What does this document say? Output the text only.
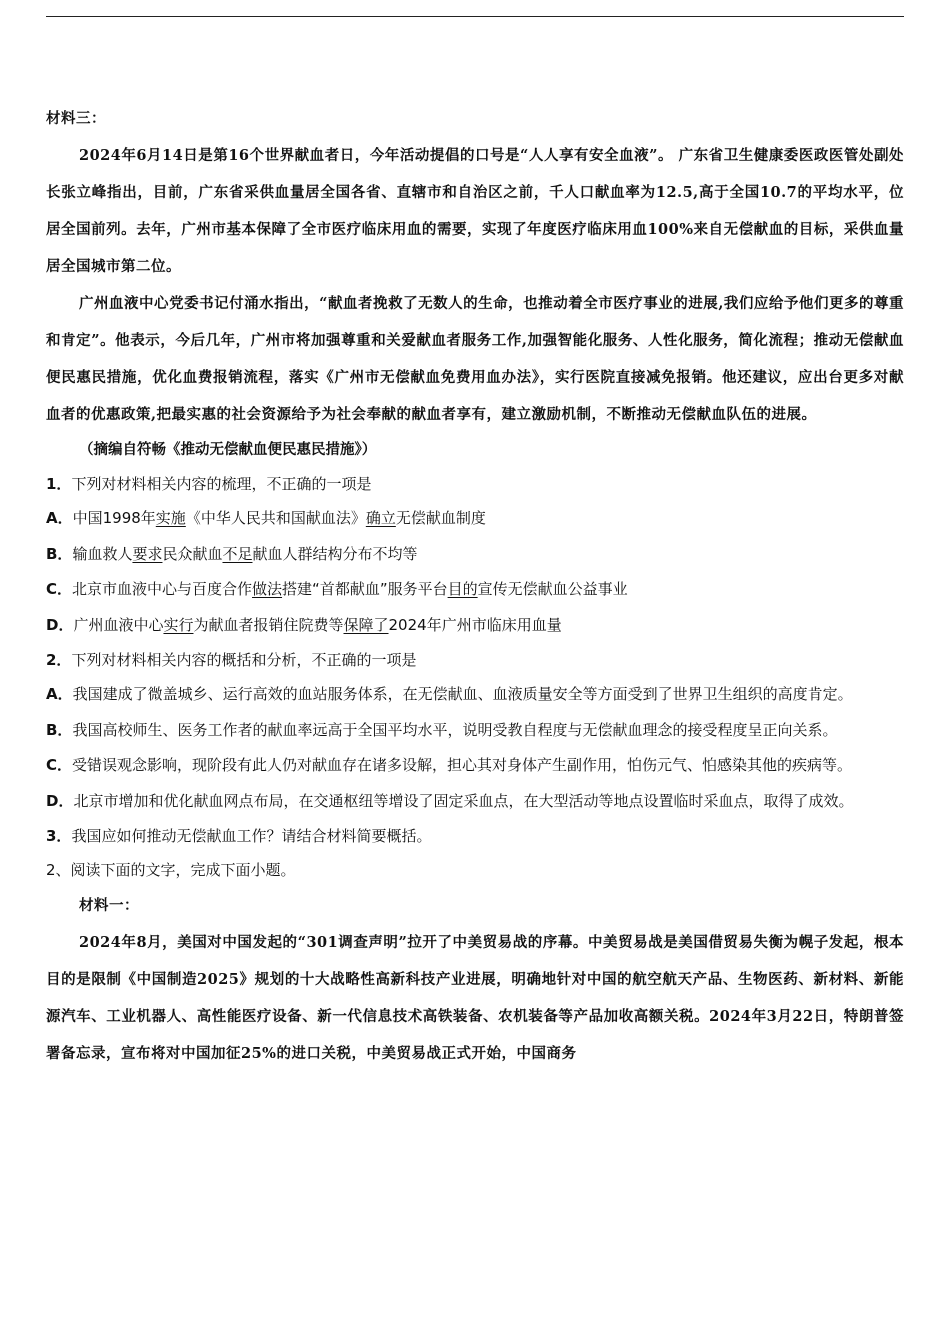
材料三：

2024年6月14日是第16个世界献血者日，今年活动提倡的口号是“人人享有安全血液”。 广东省卫生健康委医政医管处副处长张立峰指出，目前，广东省采供血量居全国各省、直辖市和自治区之前，千人口献血率为12.5,高于全国10.7的平均水平，位居全国前列。去年，广州市基本保障了全市医疗临床用血的需要，实现了年度医疗临床用血100%来自无偿献血的目标，采供血量居全国城市第二位。

广州血液中心党委书记付涌水指出，“献血者挽救了无数人的生命，也推动着全市医疗事业的进展,我们应给予他们更多的尊重和肯定”。他表示，今后几年，广州市将加强尊重和关爱献血者服务工作,加强智能化服务、人性化服务，简化流程；推动无偿献血便民惠民措施，优化血费报销流程，落实《广州市无偿献血免费用血办法》，实行医院直接减免报销。他还建议，应出台更多对献血者的优惠政策,把最实惠的社会资源给予为社会奉献的献血者享有，建立激励机制，不断推动无偿献血队伍的进展。

（摘编自符畅《推动无偿献血便民惠民措施》）

1．下列对材料相关内容的梳理，不正确的一项是

A．中国1998年实施《中华人民共和国献血法》确立无偿献血制度

B．输血救人要求民众献血不足献血人群结构分布不均等

C．北京市血液中心与百度合作做法搭建“首都献血”服务平台目的宣传无偿献血公益事业

D．广州血液中心实行为献血者报销住院费等保障了2024年广州市临床用血量

2．下列对材料相关内容的概括和分析，不正确的一项是

A．我国建成了微盖城乡、运行高效的血站服务体系，在无偿献血、血液质量安全等方面受到了世界卫生组织的高度肯定。

B．我国高校师生、医务工作者的献血率远高于全国平均水平，说明受教自程度与无偿献血理念的接受程度呈正向关系。

C．受错误观念影响，现阶段有此人仍对献血存在诸多设解，担心其对身体产生副作用，怕伤元气、怕感染其他的疾病等。

D．北京市增加和优化献血网点布局，在交通枢纽等增设了固定采血点，在大型活动等地点设置临时采血点，取得了成效。

3．我国应如何推动无偿献血工作？请结合材料简要概括。

2、阅读下面的文字，完成下面小题。

材料一：

2024年8月，美国对中国发起的“301调查声明”拉开了中美贸易战的序幕。中美贸易战是美国借贸易失衡为幌子发起，根本目的是限制《中国制造2025》规划的十大战略性高新科技产业进展，明确地针对中国的航空航天产品、生物医药、新材料、新能源汽车、工业机器人、高性能医疗设备、新一代信息技术高铁装备、农机装备等产品加收高额关税。2024年3月22日，特朗普签署备忘录，宣布将对中国加征25%的进口关税，中美贸易战正式开始，中国商务
